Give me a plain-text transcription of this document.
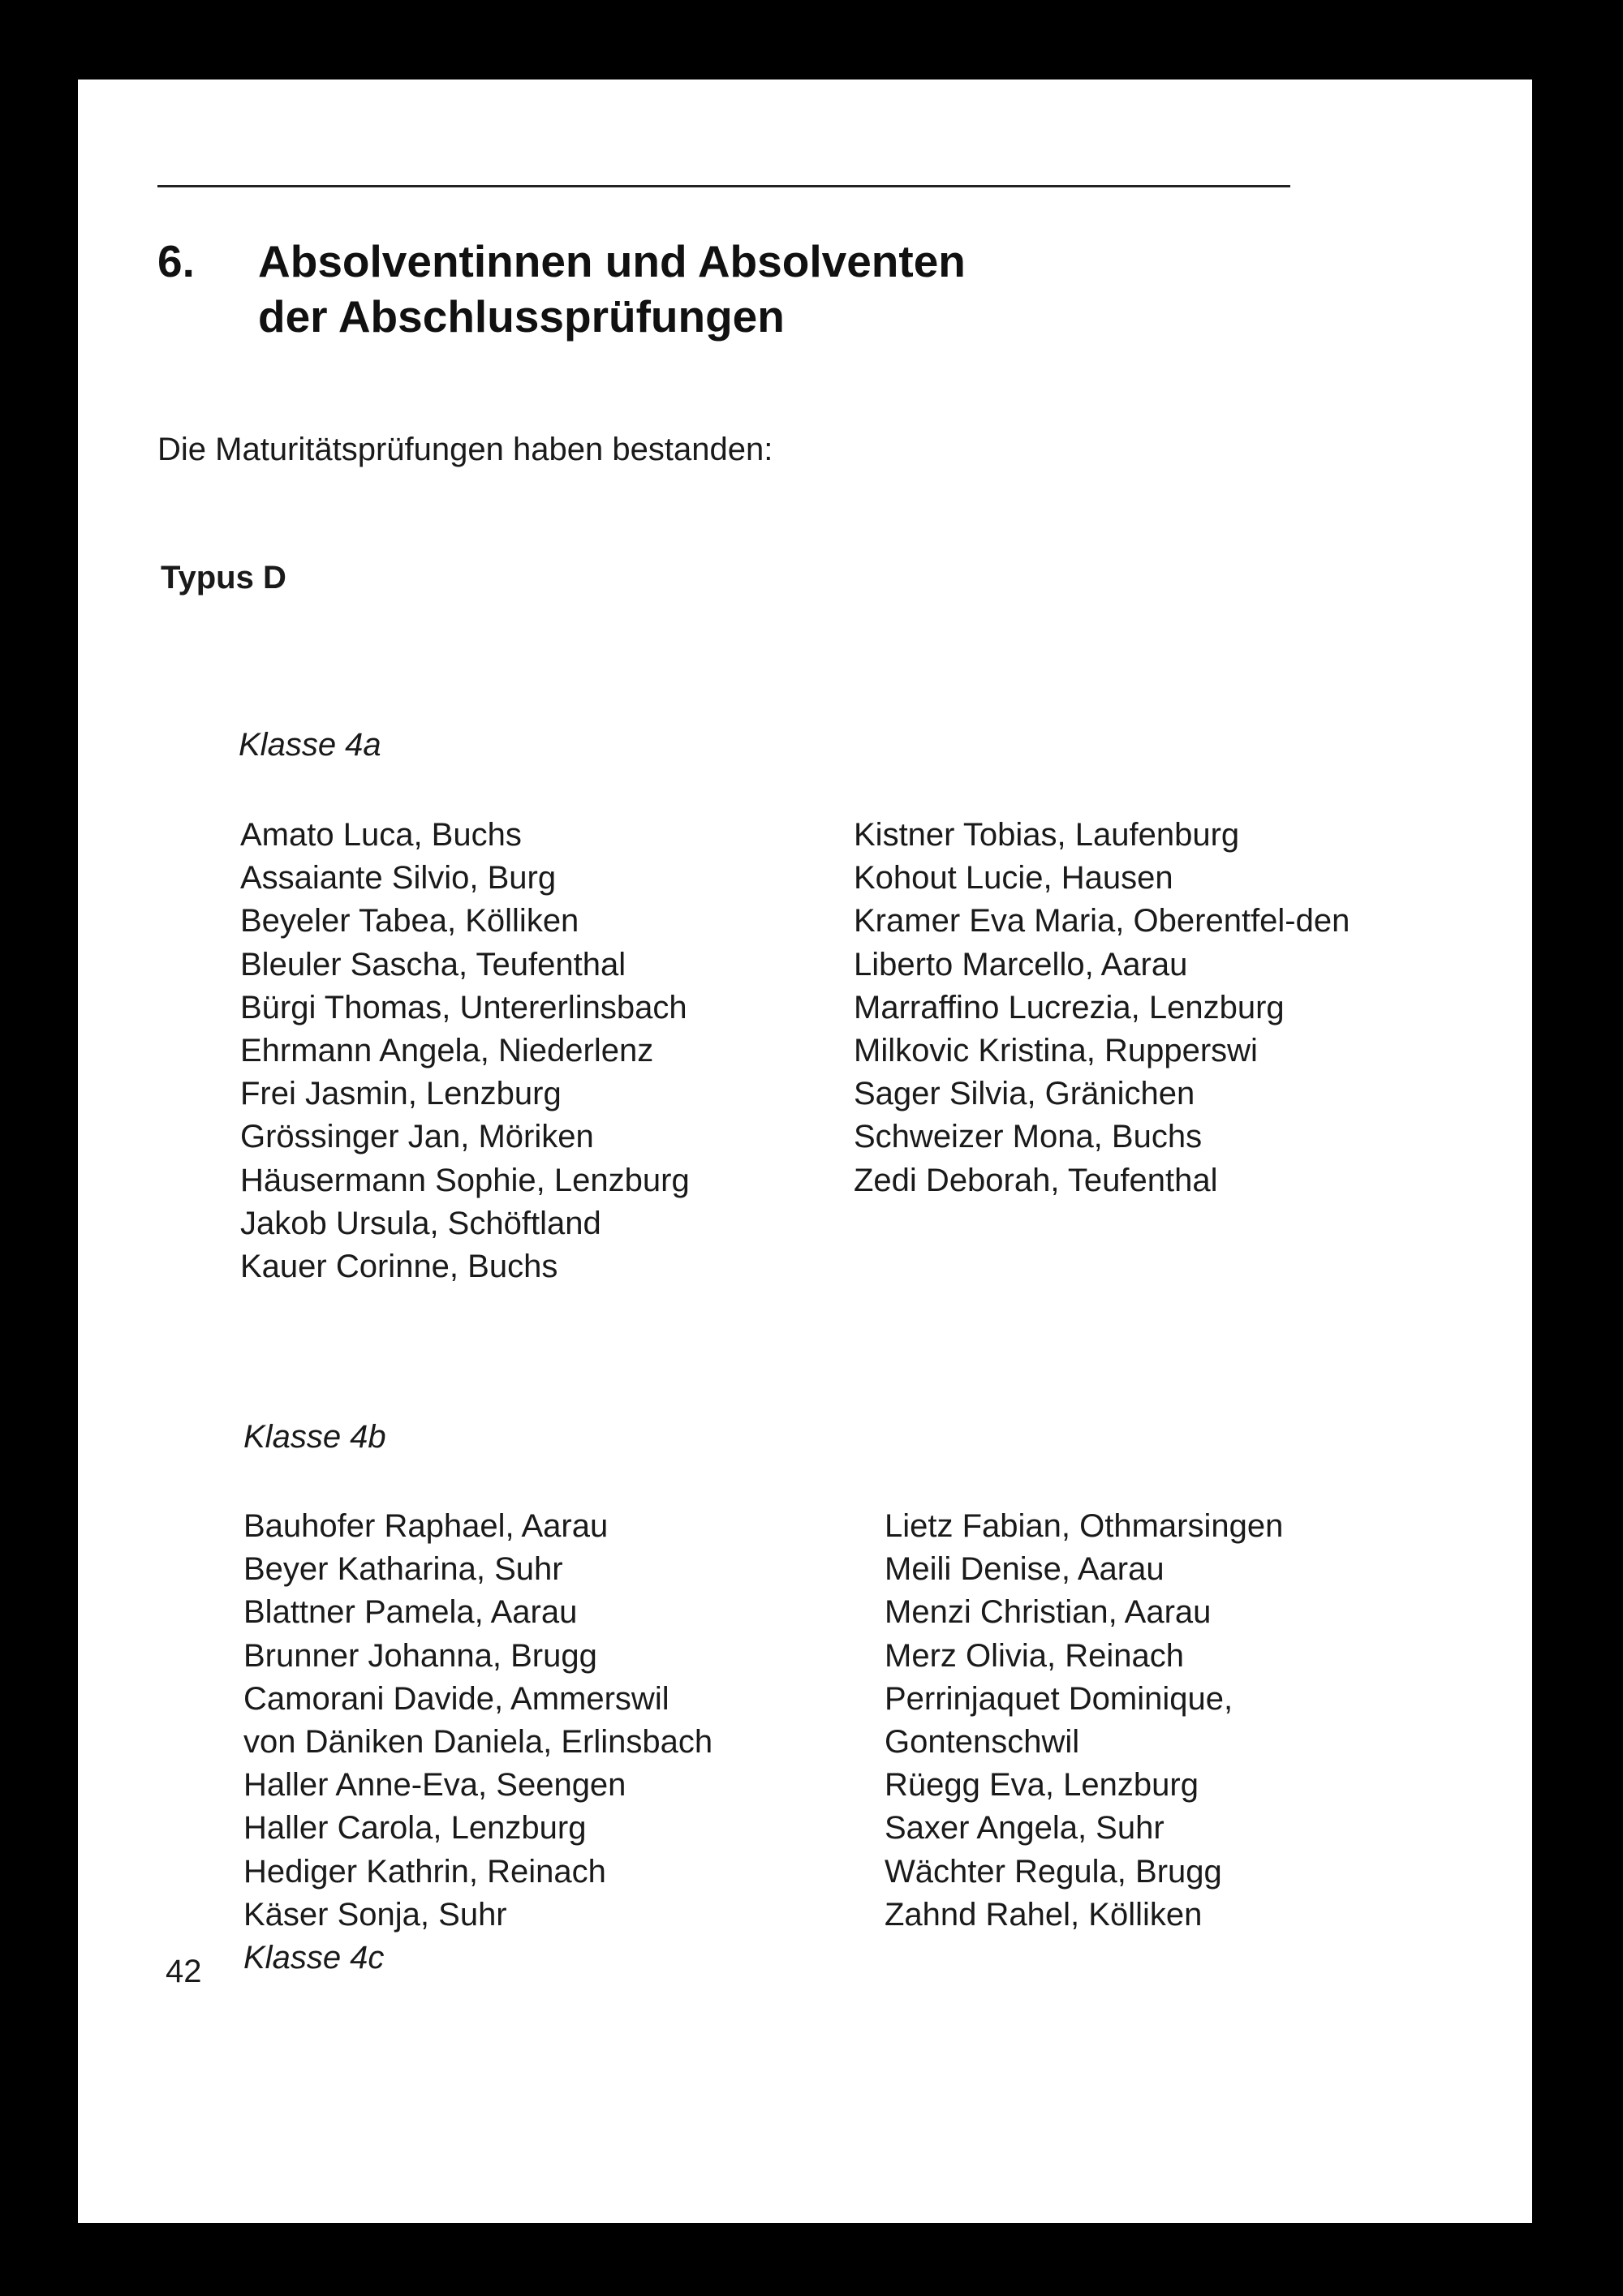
6. Absolventinnen und Absolventen
der Abschlussprüfungen
Die Maturitätsprüfungen haben bestanden:
Typus D
Klasse 4a
Amato Luca, Buchs
Assaiante Silvio, Burg
Beyeler Tabea, Kölliken
Bleuler Sascha, Teufenthal
Bürgi Thomas, Untererlinsbach
Ehrmann Angela, Niederlenz
Frei Jasmin, Lenzburg
Grössinger Jan, Möriken
Häusermann Sophie, Lenzburg
Jakob Ursula, Schöftland
Kauer Corinne, Buchs
Kistner Tobias, Laufenburg
Kohout Lucie, Hausen
Kramer Eva Maria, Oberentfel-den
Liberto Marcello, Aarau
Marraffino Lucrezia, Lenzburg
Milkovic Kristina, Rupperswi
Sager Silvia, Gränichen
Schweizer Mona, Buchs
Zedi Deborah, Teufenthal
Klasse 4b
Bauhofer Raphael, Aarau
Beyer Katharina, Suhr
Blattner Pamela, Aarau
Brunner Johanna, Brugg
Camorani Davide, Ammerswil
von Däniken Daniela, Erlinsbach
Haller Anne-Eva, Seengen
Haller Carola, Lenzburg
Hediger Kathrin, Reinach
Käser Sonja, Suhr
Klasse 4c
Lietz Fabian, Othmarsingen
Meili Denise, Aarau
Menzi Christian, Aarau
Merz Olivia, Reinach
Perrinjaquet Dominique,
Gontenschwil
Rüegg Eva, Lenzburg
Saxer Angela, Suhr
Wächter Regula, Brugg
Zahnd Rahel, Kölliken
42
